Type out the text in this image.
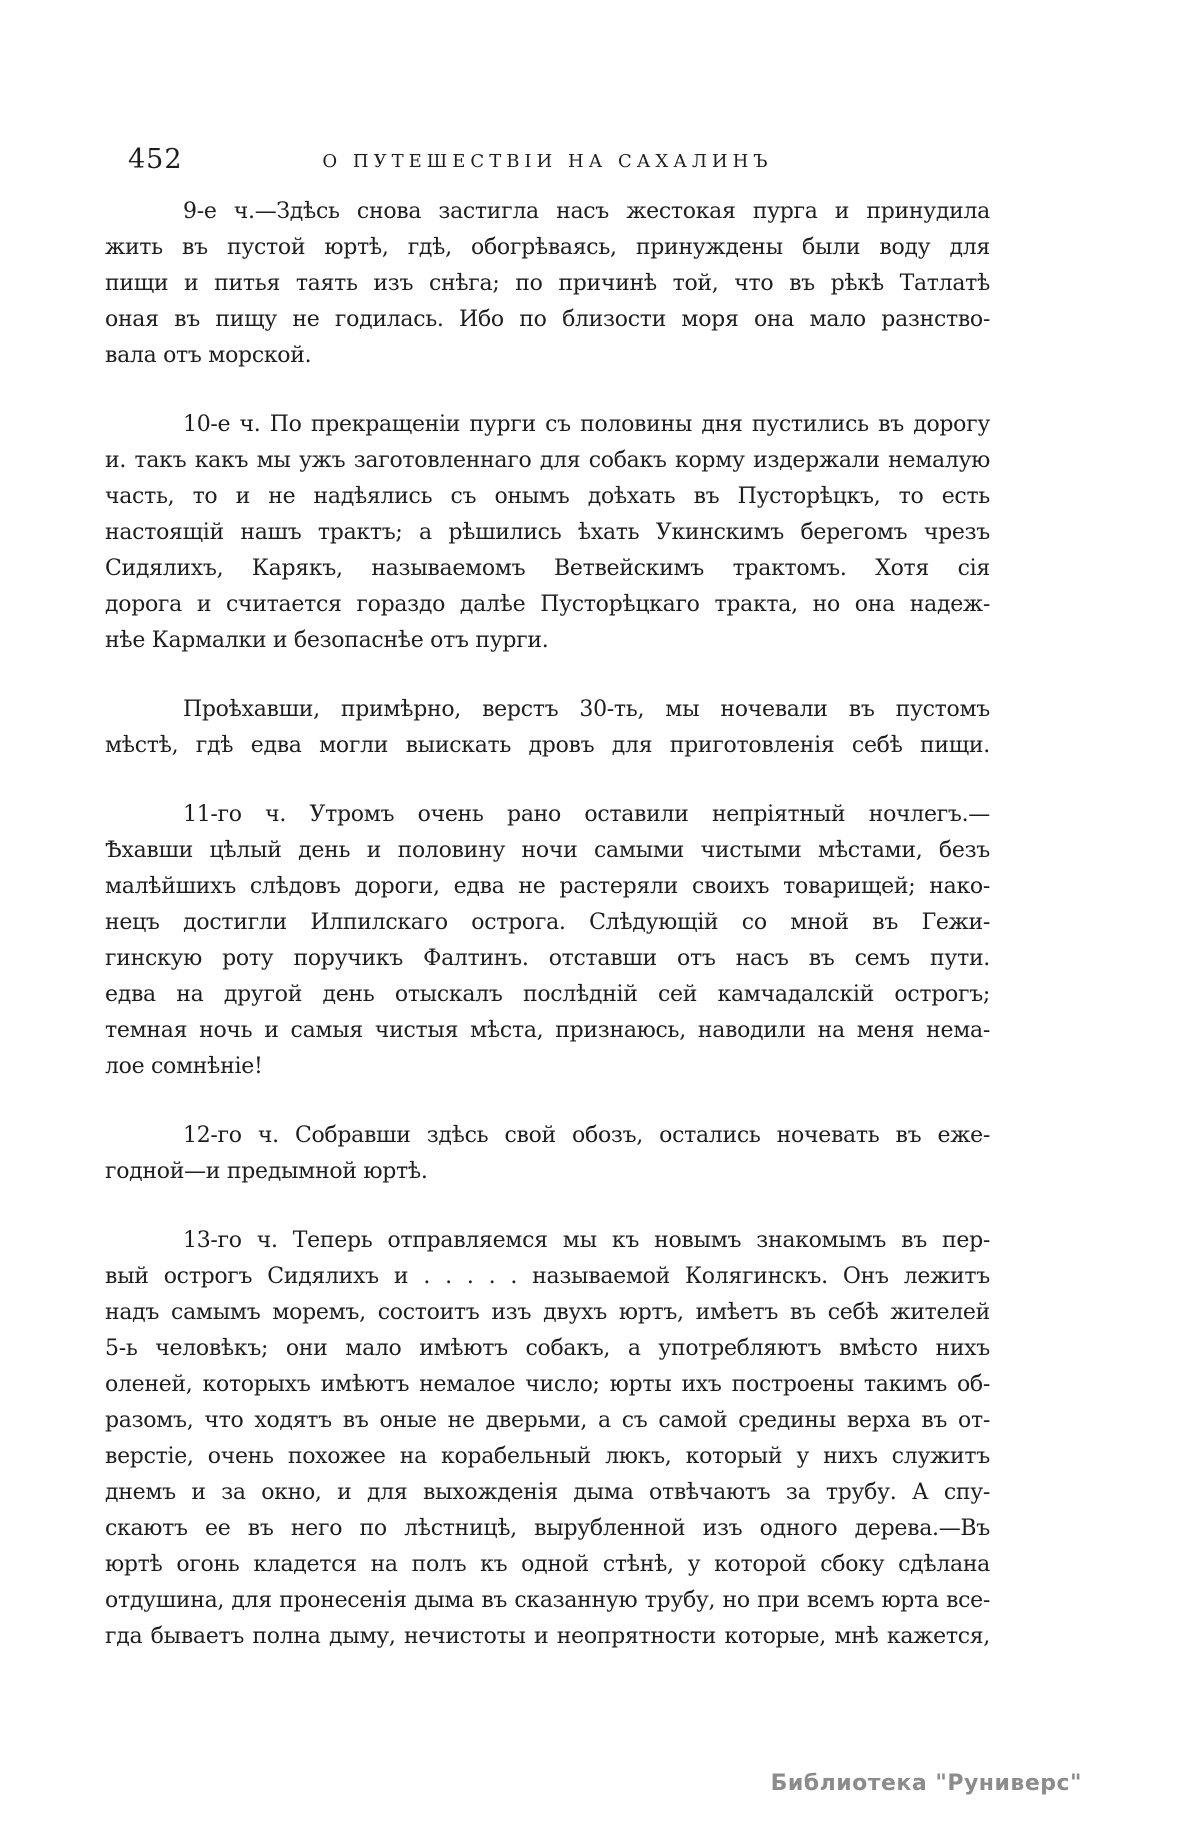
452	О ПУТЕШЕСТВІИ НА САХАЛИНЪ

9-е ч.—Здѣсь снова застигла насъ жестокая пурга и принудила
жить въ пустой юртѣ, гдѣ, обогрѣваясь, принуждены были воду для
пищи и питья таять изъ снѣга; по причинѣ той, что въ рѣкѣ Татлатѣ
оная въ пищу не годилась. Ибо по близости моря она мало разнство-
вала отъ морской.

10-е ч. По прекращеніи пурги съ половины дня пустились въ дорогу
и. такъ какъ мы ужъ заготовленнаго для собакъ корму издержали немалую
часть, то и не надѣялись съ онымъ доѣхать въ Пусторѣцкъ, то есть
настоящій нашъ трактъ; а рѣшились ѣхать Укинскимъ берегомъ чрезъ
Сидялихъ, Карякъ, называемомъ Ветвейскимъ трактомъ. Хотя сія
дорога и считается гораздо далѣе Пусторѣцкаго тракта, но она надеж-
нѣе Кармалки и безопаснѣе отъ пурги.

Проѣхавши, примѣрно, верстъ 30-ть, мы ночевали въ пустомъ
мѣстѣ, гдѣ едва могли выискать дровъ для приготовленія себѣ пищи.

11-го ч. Утромъ очень рано оставили непріятный ночлегъ.—
Ѣхавши цѣлый день и половину ночи самыми чистыми мѣстами, безъ
малѣйшихъ слѣдовъ дороги, едва не растеряли своихъ товарищей; нако-
нецъ достигли Илпилскаго острога. Слѣдующій со мной въ Гежи-
гинскую роту поручикъ Фалтинъ. отставши отъ насъ въ семъ пути.
едва на другой день отыскалъ послѣдній сей камчадалскій острогъ;
темная ночь и самыя чистыя мѣста, признаюсь, наводили на меня нема-
лое сомнѣніе!

12-го ч. Собравши здѣсь свой обозъ, остались ночевать въ еже-
годной—и предымной юртѣ.

13-го ч. Теперь отправляемся мы къ новымъ знакомымъ въ пер-
вый острогъ Сидялихъ и . . . . . называемой Колягинскъ. Онъ лежитъ
надъ самымъ моремъ, состоитъ изъ двухъ юртъ, имѣетъ въ себѣ жителей
5-ь человѣкъ; они мало имѣютъ собакъ, а употребляютъ вмѣсто нихъ
оленей, которыхъ имѣютъ немалое число; юрты ихъ построены такимъ об-
разомъ, что ходятъ въ оные не дверьми, а съ самой средины верха въ от-
верстіе, очень похожее на корабельный люкъ, который у нихъ служитъ
днемъ и за окно, и для выхожденія дыма отвѣчаютъ за трубу. А спу-
скаютъ ее въ него по лѣстницѣ, вырубленной изъ одного дерева.—Въ
юртѣ огонь кладется на полъ къ одной стѣнѣ, у которой сбоку сдѣлана
отдушина, для пронесенія дыма въ сказанную трубу, но при всемъ юрта все-
гда бываетъ полна дыму, нечистоты и неопрятности которые, мнѣ кажется,

Библиотека "Руниверс"
